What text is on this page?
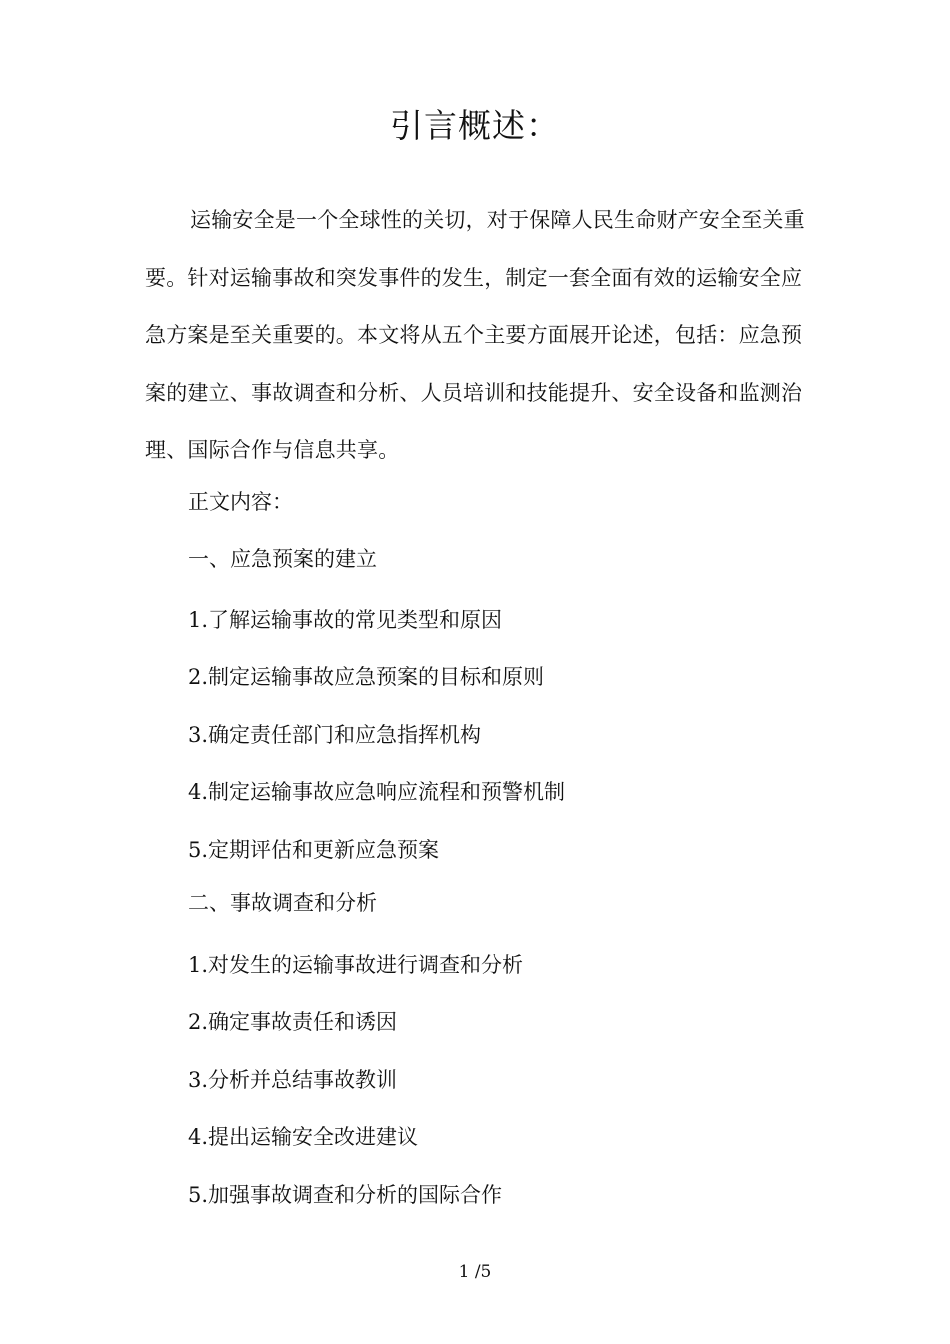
引言概述：

运输安全是一个全球性的关切，对于保障人民生命财产安全至关重要。针对运输事故和突发事件的发生，制定一套全面有效的运输安全应急方案是至关重要的。本文将从五个主要方面展开论述，包括：应急预案的建立、事故调查和分析、人员培训和技能提升、安全设备和监测治理、国际合作与信息共享。

正文内容：
一、应急预案的建立
1.了解运输事故的常见类型和原因
2.制定运输事故应急预案的目标和原则
3.确定责任部门和应急指挥机构
4.制定运输事故应急响应流程和预警机制
5.定期评估和更新应急预案
二、事故调查和分析
1.对发生的运输事故进行调查和分析
2.确定事故责任和诱因
3.分析并总结事故教训
4.提出运输安全改进建议
5.加强事故调查和分析的国际合作
1 /5
